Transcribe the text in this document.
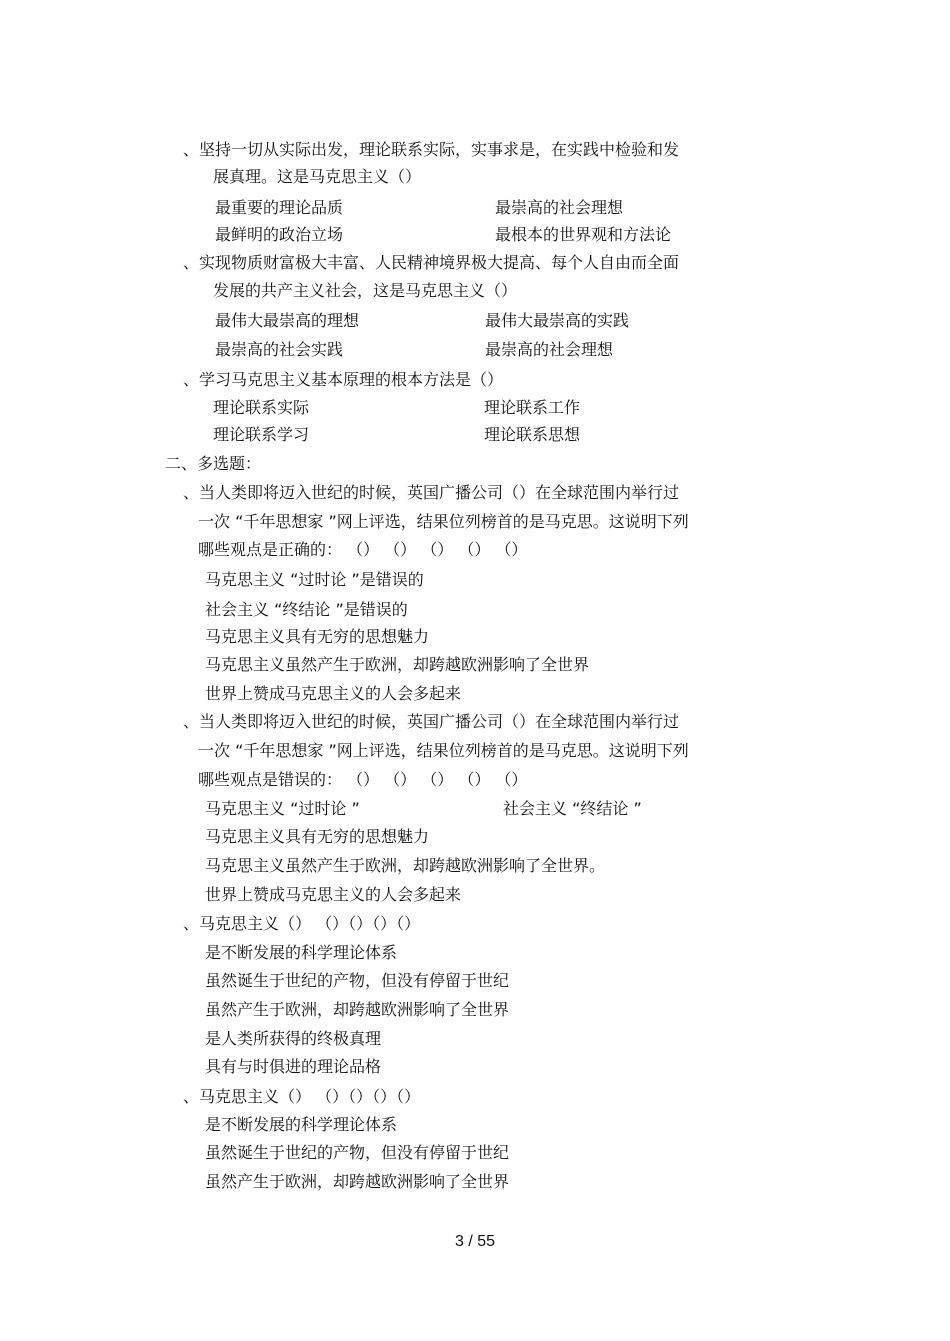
、坚持一切从实际出发，理论联系实际，实事求是，在实践中检验和发

展真理。这是马克思主义（）

最重要的理论品质	最崇高的社会理想

最鲜明的政治立场	最根本的世界观和方法论

、实现物质财富极大丰富、人民精神境界极大提高、每个人自由而全面

发展的共产主义社会，这是马克思主义（）

最伟大最崇高的理想	最伟大最崇高的实践

最崇高的社会实践	最崇高的社会理想

、学习马克思主义基本原理的根本方法是（）

理论联系实际	理论联系工作

理论联系学习	理论联系思想

二、多选题：

、当人类即将迈入世纪的时候，英国广播公司（）在全球范围内举行过

一次 “千年思想家 ”网上评选，结果位列榜首的是马克思。这说明下列

哪些观点是正确的： （） （） （） （） （）

马克思主义 “过时论 ”是错误的

社会主义 “终结论 ”是错误的

马克思主义具有无穷的思想魅力

马克思主义虽然产生于欧洲，却跨越欧洲影响了全世界

世界上赞成马克思主义的人会多起来

、当人类即将迈入世纪的时候，英国广播公司（）在全球范围内举行过

一次 “千年思想家 ”网上评选，结果位列榜首的是马克思。这说明下列

哪些观点是错误的： （） （） （） （） （）

马克思主义 “过时论 ”	社会主义 “终结论 ”

马克思主义具有无穷的思想魅力

马克思主义虽然产生于欧洲，却跨越欧洲影响了全世界。

世界上赞成马克思主义的人会多起来

、马克思主义（） （）（）（）（）

是不断发展的科学理论体系

虽然诞生于世纪的产物，但没有停留于世纪

虽然产生于欧洲，却跨越欧洲影响了全世界

是人类所获得的终极真理

具有与时俱进的理论品格

、马克思主义（） （）（）（）（）

是不断发展的科学理论体系

虽然诞生于世纪的产物，但没有停留于世纪

虽然产生于欧洲，却跨越欧洲影响了全世界

3 / 55
